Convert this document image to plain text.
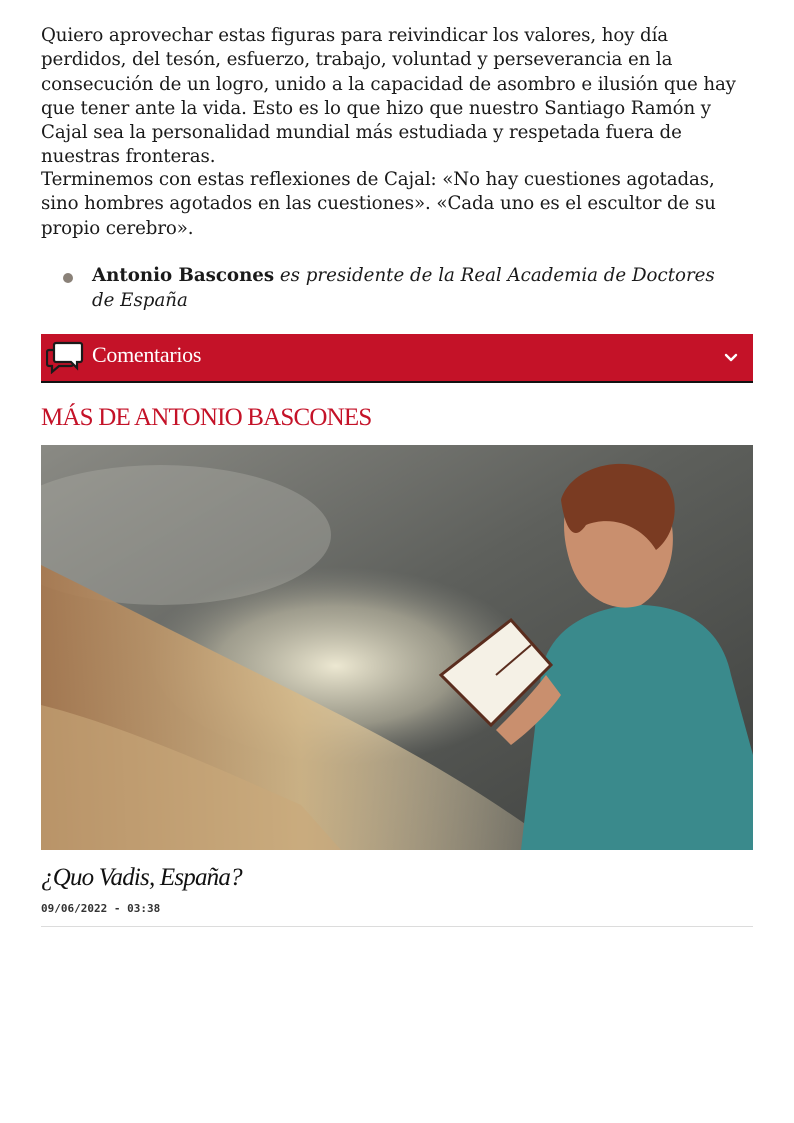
Quiero aprovechar estas figuras para reivindicar los valores, hoy día perdidos, del tesón, esfuerzo, trabajo, voluntad y perseverancia en la consecución de un logro, unido a la capacidad de asombro e ilusión que hay que tener ante la vida. Esto es lo que hizo que nuestro Santiago Ramón y Cajal sea la personalidad mundial más estudiada y respetada fuera de nuestras fronteras.

Terminemos con estas reflexiones de Cajal: «No hay cuestiones agotadas, sino hombres agotados en las cuestiones». «Cada uno es el escultor de su propio cerebro».

Antonio Bascones es presidente de la Real Academia de Doctores de España
Comentarios
MÁS DE ANTONIO BASCONES
¿Quo Vadis, España?
09/06/2022 - 03:38
